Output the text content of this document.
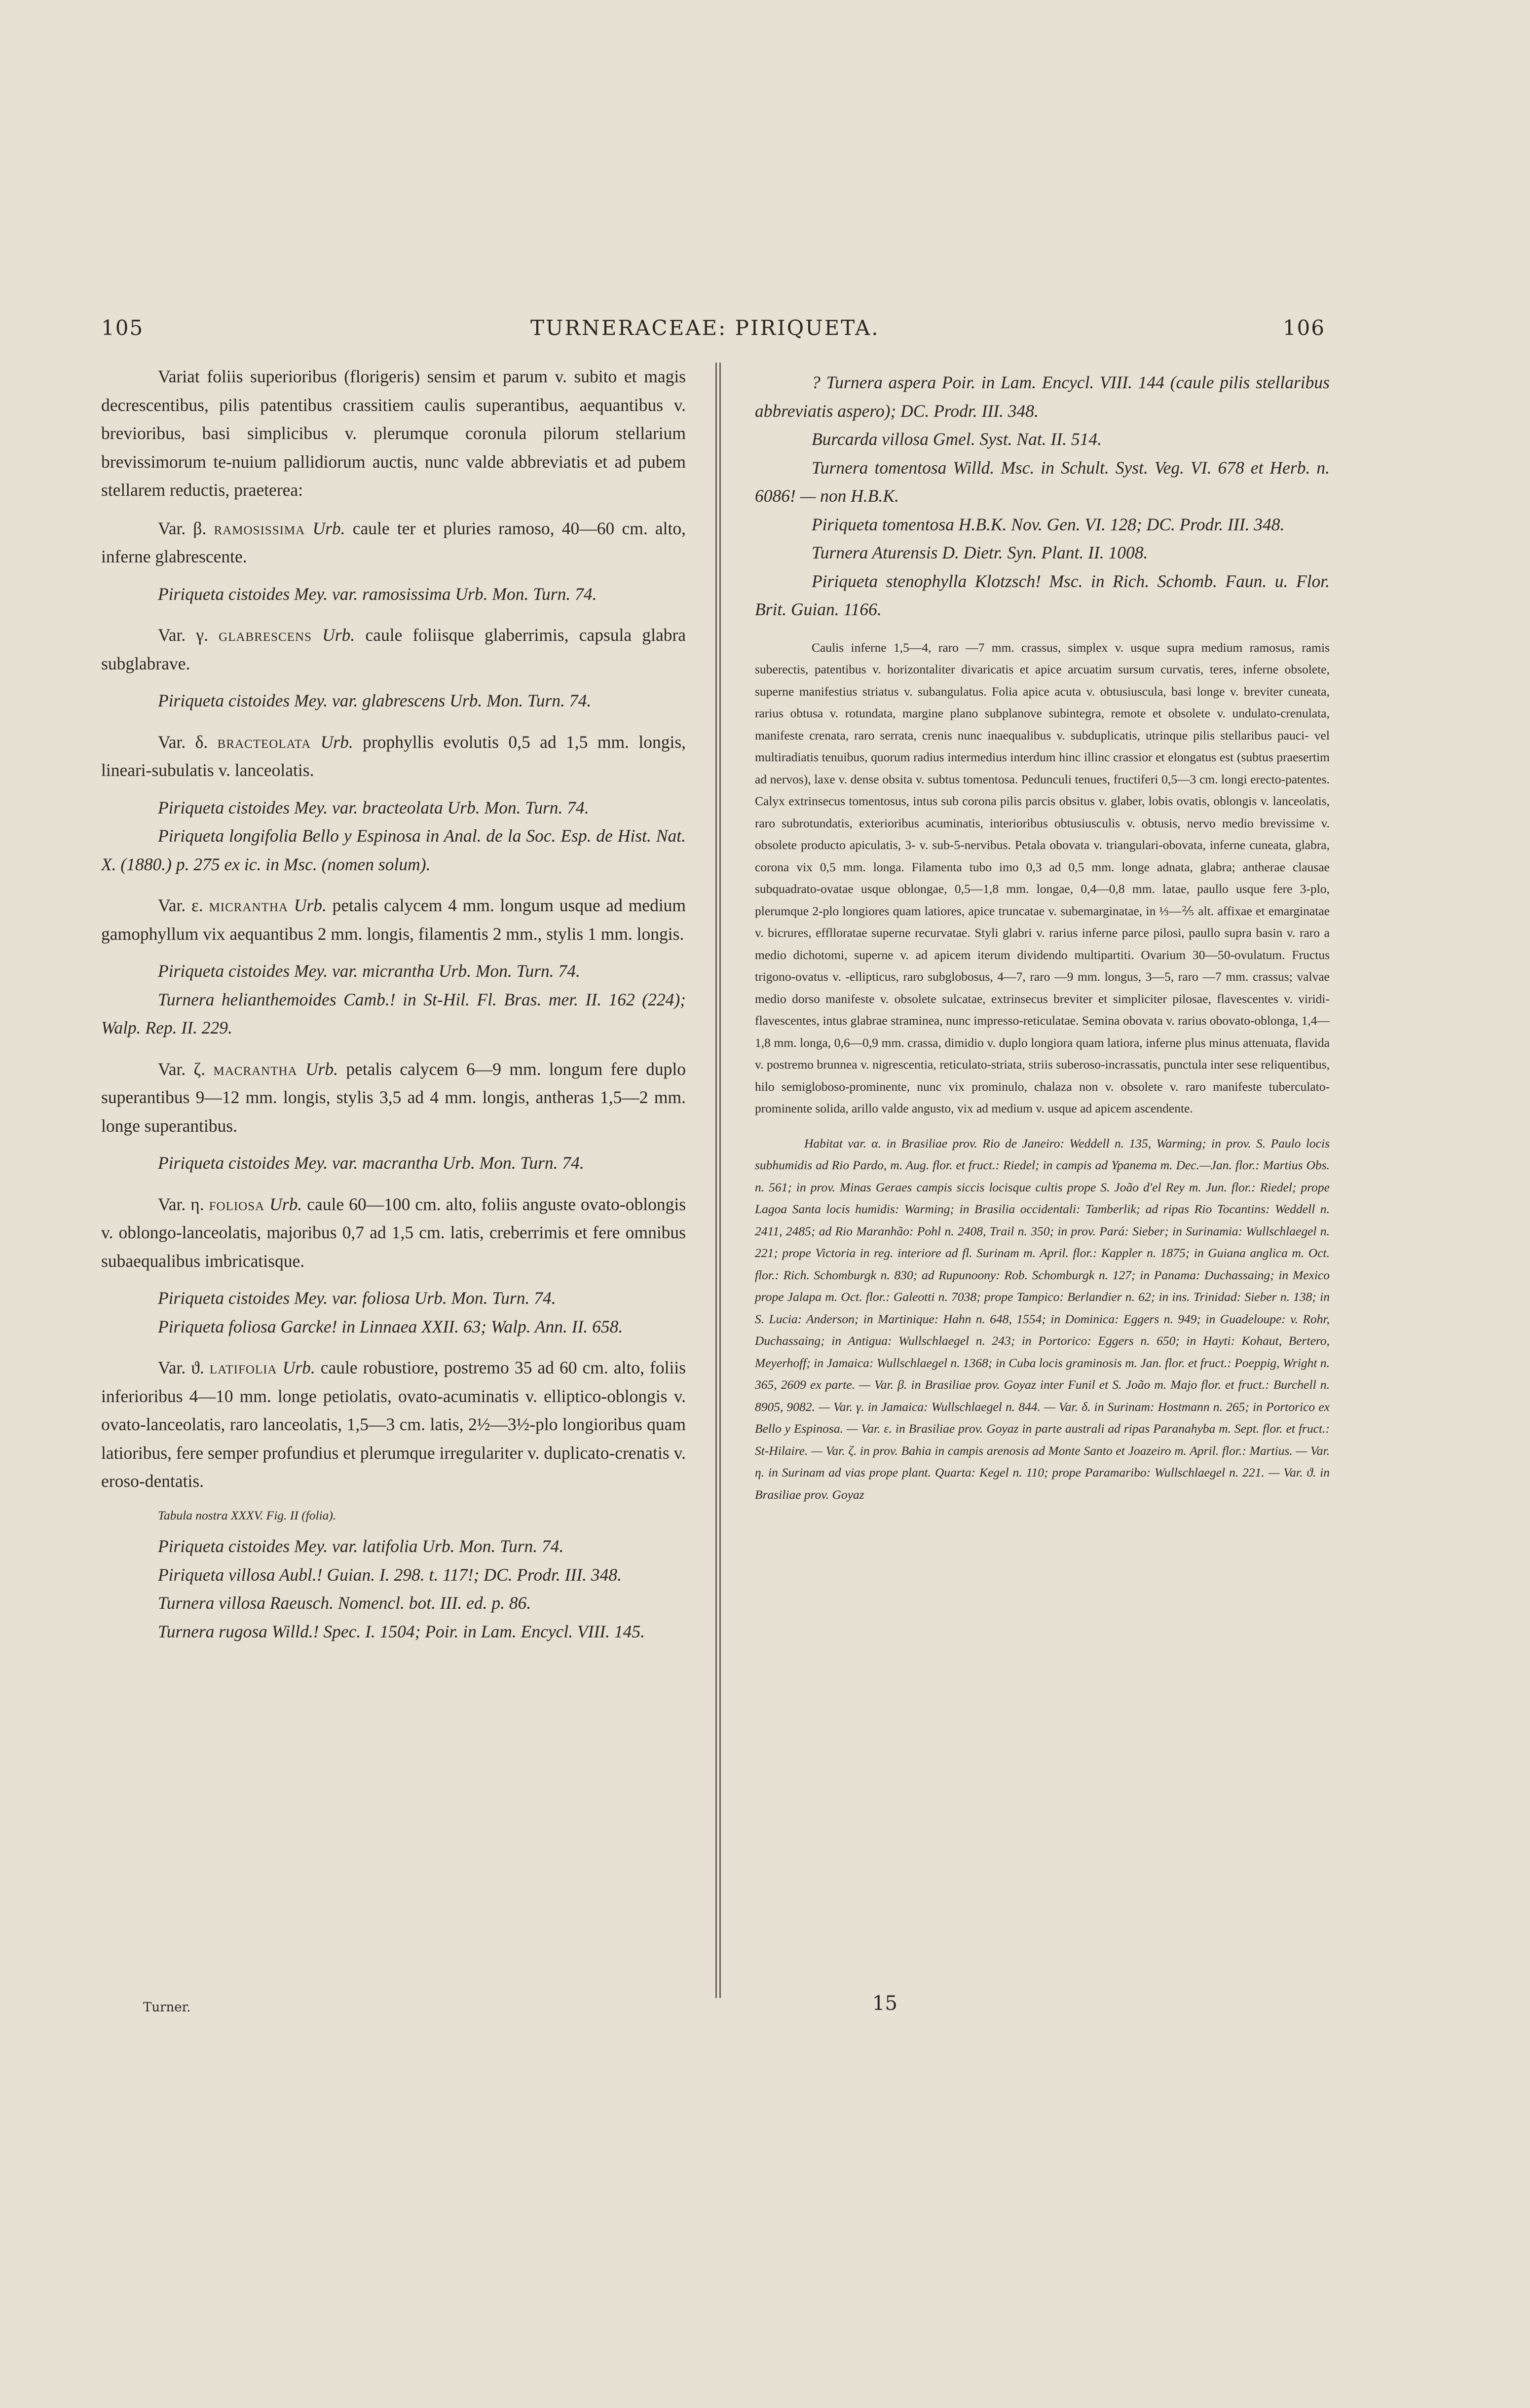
105	TURNERACEAE: PIRIQUETA.	106

Variat foliis superioribus (florigeris) sensim et parum v. subito et magis decrescentibus, pilis patentibus crassitiem caulis superantibus, aequantibus v. brevioribus, basi simplicibus v. plerumque coronula pilorum stellarium brevissimorum te-nuium pallidiorum auctis, nunc valde abbreviatis et ad pubem stellarem reductis, praeterea:

Var. β. ramosissima Urb. caule ter et pluries ramoso, 40—60 cm. alto, inferne glabrescente.

Piriqueta cistoides Mey. var. ramosissima Urb. Mon. Turn. 74.

Var. γ. glabrescens Urb. caule foliisque glaberrimis, capsula glabra subglabrave.

Piriqueta cistoides Mey. var. glabrescens Urb. Mon. Turn. 74.

Var. δ. bracteolata Urb. prophyllis evolutis 0,5 ad 1,5 mm. longis, lineari-subulatis v. lanceolatis.

Piriqueta cistoides Mey. var. bracteolata Urb. Mon. Turn. 74.

Piriqueta longifolia Bello y Espinosa in Anal. de la Soc. Esp. de Hist. Nat. X. (1880.) p. 275 ex ic. in Msc. (nomen solum).

Var. ε. micrantha Urb. petalis calycem 4 mm. longum usque ad medium gamophyllum vix aequantibus 2 mm. longis, filamentis 2 mm., stylis 1 mm. longis.

Piriqueta cistoides Mey. var. micrantha Urb. Mon. Turn. 74.

Turnera helianthemoides Camb.! in St-Hil. Fl. Bras. mer. II. 162 (224); Walp. Rep. II. 229.

Var. ζ. macrantha Urb. petalis calycem 6—9 mm. longum fere duplo superantibus 9—12 mm. longis, stylis 3,5 ad 4 mm. longis, antheras 1,5—2 mm. longe superantibus.

Piriqueta cistoides Mey. var. macrantha Urb. Mon. Turn. 74.

Var. η. foliosa Urb. caule 60—100 cm. alto, foliis anguste ovato-oblongis v. oblongo-lanceolatis, majoribus 0,7 ad 1,5 cm. latis, creberrimis et fere omnibus subaequalibus imbricatisque.

Piriqueta cistoides Mey. var. foliosa Urb. Mon. Turn. 74.

Piriqueta foliosa Garcke! in Linnaea XXII. 63; Walp. Ann. II. 658.

Var. ϑ. latifolia Urb. caule robustiore, postremo 35 ad 60 cm. alto, foliis inferioribus 4—10 mm. longe petiolatis, ovato-acuminatis v. elliptico-oblongis v. ovato-lanceolatis, raro lanceolatis, 1,5—3 cm. latis, 2½—3½-plo longioribus quam latioribus, fere semper profundius et plerumque irregulariter v. duplicato-crenatis v. eroso-dentatis.

Tabula nostra XXXV. Fig. II (folia).

Piriqueta cistoides Mey. var. latifolia Urb. Mon. Turn. 74.

Piriqueta villosa Aubl.! Guian. I. 298. t. 117!; DC. Prodr. III. 348.

Turnera villosa Raeusch. Nomencl. bot. III. ed. p. 86.

Turnera rugosa Willd.! Spec. I. 1504; Poir. in Lam. Encycl. VIII. 145.

? Turnera aspera Poir. in Lam. Encycl. VIII. 144 (caule pilis stellaribus abbreviatis aspero); DC. Prodr. III. 348.

Burcarda villosa Gmel. Syst. Nat. II. 514.

Turnera tomentosa Willd. Msc. in Schult. Syst. Veg. VI. 678 et Herb. n. 6086! — non H.B.K.

Piriqueta tomentosa H.B.K. Nov. Gen. VI. 128; DC. Prodr. III. 348.

Turnera Aturensis D. Dietr. Syn. Plant. II. 1008.

Piriqueta stenophylla Klotzsch! Msc. in Rich. Schomb. Faun. u. Flor. Brit. Guian. 1166.

Caulis inferne 1,5—4, raro —7 mm. crassus, simplex v. usque supra medium ramosus, ramis suberectis, patentibus v. horizontaliter divaricatis et apice arcuatim sursum curvatis, teres, inferne obsolete, superne manifestius striatus v. subangulatus. Folia apice acuta v. obtusiuscula, basi longe v. breviter cuneata, rarius obtusa v. rotundata, margine plano subplanove subintegra, remote et obsolete v. undulato-crenulata, manifeste crenata, raro serrata, crenis nunc inaequalibus v. subduplicatis, utrinque pilis stellaribus pauci- vel multiradiatis tenuibus, quorum radius intermedius interdum hinc illinc crassior et elongatus est (subtus praesertim ad nervos), laxe v. dense obsita v. subtus tomentosa. Pedunculi tenues, fructiferi 0,5—3 cm. longi erecto-patentes. Calyx extrinsecus tomentosus, intus sub corona pilis parcis obsitus v. glaber, lobis ovatis, oblongis v. lanceolatis, raro subrotundatis, exterioribus acuminatis, interioribus obtusiusculis v. obtusis, nervo medio brevissime v. obsolete producto apiculatis, 3- v. sub-5-nervibus. Petala obovata v. triangulari-obovata, inferne cuneata, glabra, corona vix 0,5 mm. longa. Filamenta tubo imo 0,3 ad 0,5 mm. longe adnata, glabra; antherae clausae subquadrato-ovatae usque oblongae, 0,5—1,8 mm. longae, 0,4—0,8 mm. latae, paullo usque fere 3-plo, plerumque 2-plo longiores quam latiores, apice truncatae v. subemarginatae, in ⅓—⅖ alt. affixae et emarginatae v. bicrures, efflloratae superne recurvatae. Styli glabri v. rarius inferne parce pilosi, paullo supra basin v. raro a medio dichotomi, superne v. ad apicem iterum dividendo multipartiti. Ovarium 30—50-ovulatum. Fructus trigono-ovatus v. -ellipticus, raro subglobosus, 4—7, raro —9 mm. longus, 3—5, raro —7 mm. crassus; valvae medio dorso manifeste v. obsolete sulcatae, extrinsecus breviter et simpliciter pilosae, flavescentes v. viridi-flavescentes, intus glabrae straminea, nunc impresso-reticulatae. Semina obovata v. rarius obovato-oblonga, 1,4—1,8 mm. longa, 0,6—0,9 mm. crassa, dimidio v. duplo longiora quam latiora, inferne plus minus attenuata, flavida v. postremo brunnea v. nigrescentia, reticulato-striata, striis suberoso-incrassatis, punctula inter sese reliquentibus, hilo semigloboso-prominente, nunc vix prominulo, chalaza non v. obsolete v. raro manifeste tuberculato-prominente solida, arillo valde angusto, vix ad medium v. usque ad apicem ascendente.

Habitat var. α. in Brasiliae prov. Rio de Janeiro: Weddell n. 135, Warming; in prov. S. Paulo locis subhumidis ad Rio Pardo, m. Aug. flor. et fruct.: Riedel; in campis ad Ypanema m. Dec.—Jan. flor.: Martius Obs. n. 561; in prov. Minas Geraes campis siccis locisque cultis prope S. João d'el Rey m. Jun. flor.: Riedel; prope Lagoa Santa locis humidis: Warming; in Brasilia occidentali: Tamberlik; ad ripas Rio Tocantins: Weddell n. 2411, 2485; ad Rio Maranhão: Pohl n. 2408, Trail n. 350; in prov. Pará: Sieber; in Surinamia: Wullschlaegel n. 221; prope Victoria in reg. interiore ad fl. Surinam m. April. flor.: Kappler n. 1875; in Guiana anglica m. Oct. flor.: Rich. Schomburgk n. 830; ad Rupunoony: Rob. Schomburgk n. 127; in Panama: Duchassaing; in Mexico prope Jalapa m. Oct. flor.: Galeotti n. 7038; prope Tampico: Berlandier n. 62; in ins. Trinidad: Sieber n. 138; in S. Lucia: Anderson; in Martinique: Hahn n. 648, 1554; in Dominica: Eggers n. 949; in Guadeloupe: v. Rohr, Duchassaing; in Antigua: Wullschlaegel n. 243; in Portorico: Eggers n. 650; in Hayti: Kohaut, Bertero, Meyerhoff; in Jamaica: Wullschlaegel n. 1368; in Cuba locis graminosis m. Jan. flor. et fruct.: Poeppig, Wright n. 365, 2609 ex parte. — Var. β. in Brasiliae prov. Goyaz inter Funil et S. João m. Majo flor. et fruct.: Burchell n. 8905, 9082. — Var. γ. in Jamaica: Wullschlaegel n. 844. — Var. δ. in Surinam: Hostmann n. 265; in Portorico ex Bello y Espinosa. — Var. ε. in Brasiliae prov. Goyaz in parte australi ad ripas Paranahyba m. Sept. flor. et fruct.: St-Hilaire. — Var. ζ. in prov. Bahia in campis arenosis ad Monte Santo et Joazeiro m. April. flor.: Martius. — Var. η. in Surinam ad vias prope plant. Quarta: Kegel n. 110; prope Paramaribo: Wullschlaegel n. 221. — Var. ϑ. in Brasiliae prov. Goyaz

Turner.	15
